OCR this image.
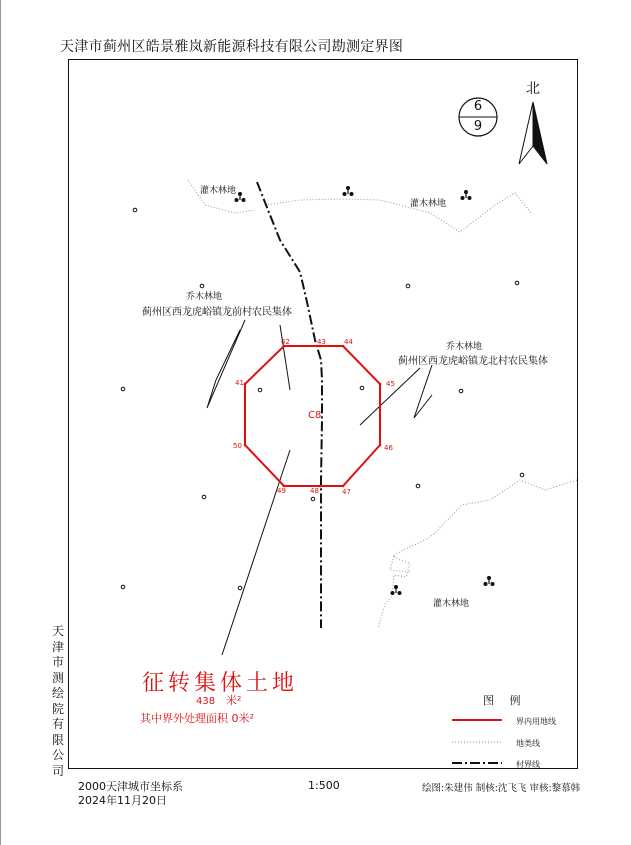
天津市蓟州区皓景雅岚新能源科技有限公司勘测定界图
天
津
市
测
绘
院
有
限
公
司
灌木林地
灌木林地
灌木林地
乔木林地
蓟州区西龙虎峪镇龙前村农民集体
乔木林地
蓟州区西龙虎峪镇龙北村农民集体
C8
41
42	43	44
45
46
47
48
49
50
北
6
9
征转集体土地
438 米²
其中界外处理面积 0米²
图 例
界内用地线
地类线
村界线
2000天津城市坐标系
2024年11月20日
1:500	绘图:朱建伟 制核:沈飞飞 审核:黎慕韩
